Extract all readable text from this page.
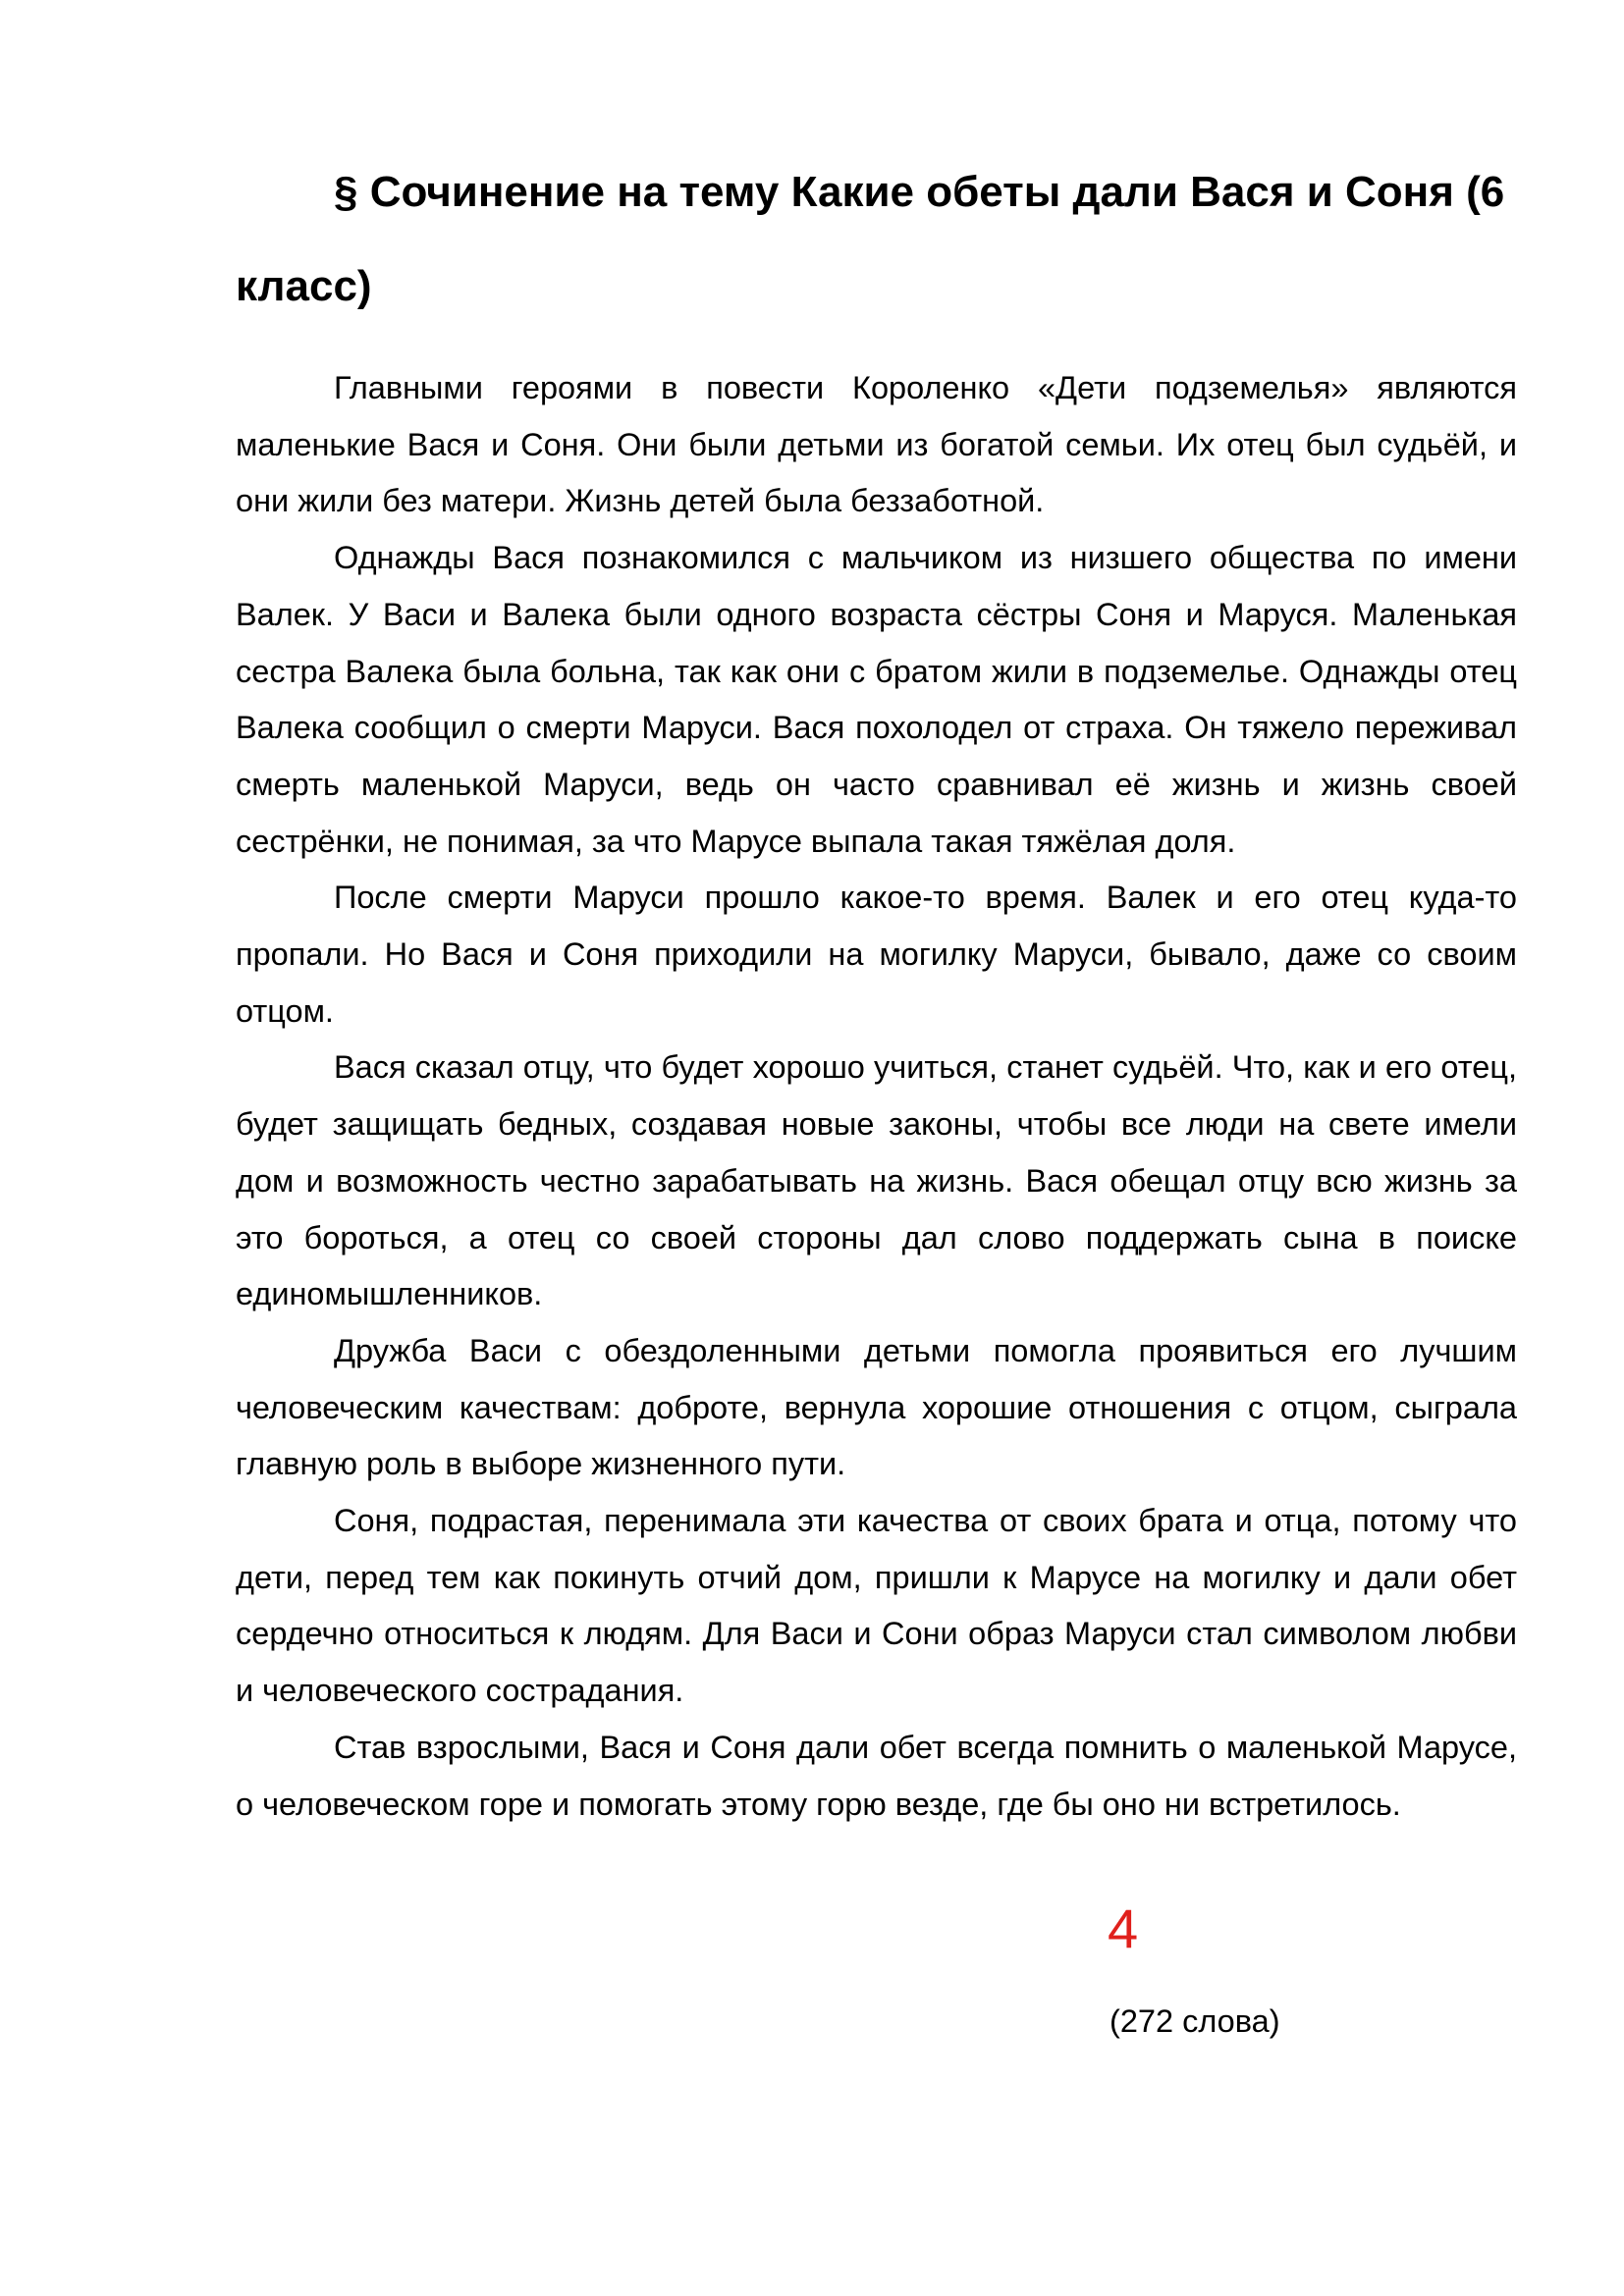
§ Сочинение на тему Какие обеты дали Вася и Соня (6 класс)

Главными героями в повести Короленко «Дети подземелья» являются маленькие Вася и Соня. Они были детьми из богатой семьи. Их отец был судьёй, и они жили без матери. Жизнь детей была беззаботной.

Однажды Вася познакомился с мальчиком из низшего общества по имени Валек. У Васи и Валека были одного возраста сёстры Соня и Маруся. Маленькая сестра Валека была больна, так как они с братом жили в подземелье. Однажды отец Валека сообщил о смерти Маруси. Вася похолодел от страха. Он тяжело переживал смерть маленькой Маруси, ведь он часто сравнивал её жизнь и жизнь своей сестрёнки, не понимая, за что Марусе выпала такая тяжёлая доля.

После смерти Маруси прошло какое-то время. Валек и его отец куда-то пропали. Но Вася и Соня приходили на могилку Маруси, бывало, даже со своим отцом.

Вася сказал отцу, что будет хорошо учиться, станет судьёй. Что, как и его отец, будет защищать бедных, создавая новые законы, чтобы все люди на свете имели дом и возможность честно зарабатывать на жизнь. Вася обещал отцу всю жизнь за это бороться, а отец со своей стороны дал слово поддержать сына в поиске единомышленников.

Дружба Васи с обездоленными детьми помогла проявиться его лучшим человеческим качествам: доброте, вернула хорошие отношения с отцом, сыграла главную роль в выборе жизненного пути.

Соня, подрастая, перенимала эти качества от своих брата и отца, потому что дети, перед тем как покинуть отчий дом, пришли к Марусе на могилку и дали обет сердечно относиться к людям. Для Васи и Сони образ Маруси стал символом любви и человеческого сострадания.

Став взрослыми, Вася и Соня дали обет всегда помнить о маленькой Марусе, о человеческом горе и помогать этому горю везде, где бы оно ни встретилось.

4
(272 слова)
